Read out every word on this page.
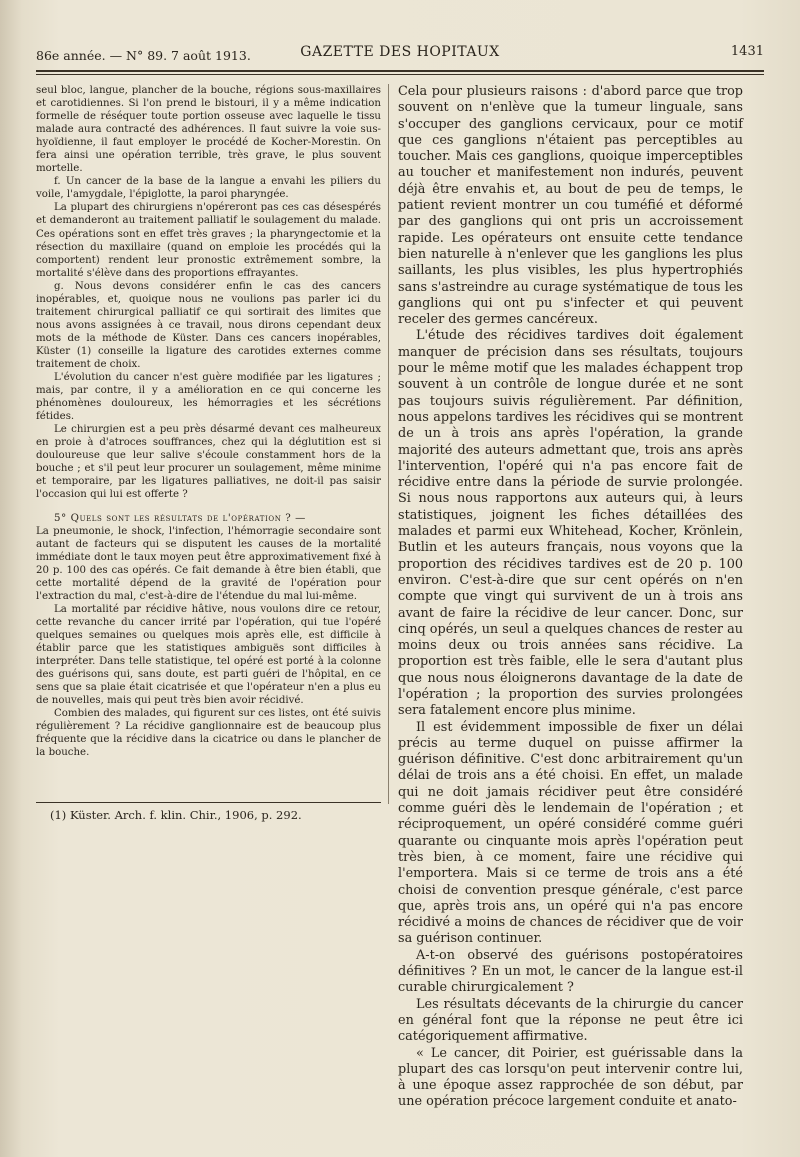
86e année. — N° 89. 7 août 1913.	GAZETTE DES HOPITAUX	1431

seul bloc, langue, plancher de la bouche, régions sous-maxillaires et carotidiennes. Si l'on prend le bistouri, il y a même indication formelle de réséquer toute portion osseuse avec laquelle le tissu malade aura contracté des adhérences. Il faut suivre la voie sus-hyoïdienne, il faut employer le procédé de Kocher-Morestin. On fera ainsi une opération terrible, très grave, le plus souvent mortelle.

f. Un cancer de la base de la langue a envahi les piliers du voile, l'amygdale, l'épiglotte, la paroi pharyngée.

La plupart des chirurgiens n'opéreront pas ces cas désespérés et demanderont au traitement palliatif le soulagement du malade. Ces opérations sont en effet très graves ; la pharyngectomie et la résection du maxillaire (quand on emploie les procédés qui la comportent) rendent leur pronostic extrêmement sombre, la mortalité s'élève dans des proportions effrayantes.

g. Nous devons considérer enfin le cas des cancers inopérables, et, quoique nous ne voulions pas parler ici du traitement chirurgical palliatif ce qui sortirait des limites que nous avons assignées à ce travail, nous dirons cependant deux mots de la méthode de Küster. Dans ces cancers inopérables, Küster (1) conseille la ligature des carotides externes comme traitement de choix.

L'évolution du cancer n'est guère modifiée par les ligatures ; mais, par contre, il y a amélioration en ce qui concerne les phénomènes douloureux, les hémorragies et les sécrétions fétides.

Le chirurgien est a peu près désarmé devant ces malheureux en proie à d'atroces souffrances, chez qui la déglutition est si douloureuse que leur salive s'écoule constamment hors de la bouche ; et s'il peut leur procurer un soulagement, même minime et temporaire, par les ligatures palliatives, ne doit-il pas saisir l'occasion qui lui est offerte ?

5° Quels sont les résultats de l'opération ? —

La pneumonie, le shock, l'infection, l'hémorragie secondaire sont autant de facteurs qui se disputent les causes de la mortalité immédiate dont le taux moyen peut être approximativement fixé à 20 p. 100 des cas opérés. Ce fait demande à être bien établi, que cette mortalité dépend de la gravité de l'opération pour l'extraction du mal, c'est-à-dire de l'étendue du mal lui-même.

La mortalité par récidive hâtive, nous voulons dire ce retour, cette revanche du cancer irrité par l'opération, qui tue l'opéré quelques semaines ou quelques mois après elle, est difficile à établir parce que les statistiques ambiguës sont difficiles à interpréter. Dans telle statistique, tel opéré est porté à la colonne des guérisons qui, sans doute, est parti guéri de l'hôpital, en ce sens que sa plaie était cicatrisée et que l'opérateur n'en a plus eu de nouvelles, mais qui peut très bien avoir récidivé.

Combien des malades, qui figurent sur ces listes, ont été suivis régulièrement ? La récidive ganglionnaire est de beaucoup plus fréquente que la récidive dans la cicatrice ou dans le plancher de la bouche.

Cela pour plusieurs raisons : d'abord parce que trop souvent on n'enlève que la tumeur linguale, sans s'occuper des ganglions cervicaux, pour ce motif que ces ganglions n'étaient pas perceptibles au toucher. Mais ces ganglions, quoique imperceptibles au toucher et manifestement non indurés, peuvent déjà être envahis et, au bout de peu de temps, le patient revient montrer un cou tuméfié et déformé par des ganglions qui ont pris un accroissement rapide. Les opérateurs ont ensuite cette tendance bien naturelle à n'enlever que les ganglions les plus saillants, les plus visibles, les plus hypertrophiés sans s'astreindre au curage systématique de tous les ganglions qui ont pu s'infecter et qui peuvent receler des germes cancéreux.

L'étude des récidives tardives doit également manquer de précision dans ses résultats, toujours pour le même motif que les malades échappent trop souvent à un contrôle de longue durée et ne sont pas toujours suivis régulièrement. Par définition, nous appelons tardives les récidives qui se montrent de un à trois ans après l'opération, la grande majorité des auteurs admettant que, trois ans après l'intervention, l'opéré qui n'a pas encore fait de récidive entre dans la période de survie prolongée. Si nous nous rapportons aux auteurs qui, à leurs statistiques, joignent les fiches détaillées des malades et parmi eux Whitehead, Kocher, Krönlein, Butlin et les auteurs français, nous voyons que la proportion des récidives tardives est de 20 p. 100 environ. C'est-à-dire que sur cent opérés on n'en compte que vingt qui survivent de un à trois ans avant de faire la récidive de leur cancer. Donc, sur cinq opérés, un seul a quelques chances de rester au moins deux ou trois années sans récidive. La proportion est très faible, elle le sera d'autant plus que nous nous éloignerons davantage de la date de l'opération ; la proportion des survies prolongées sera fatalement encore plus minime.

Il est évidemment impossible de fixer un délai précis au terme duquel on puisse affirmer la guérison définitive. C'est donc arbitrairement qu'un délai de trois ans a été choisi. En effet, un malade qui ne doit jamais récidiver peut être considéré comme guéri dès le lendemain de l'opération ; et réciproquement, un opéré considéré comme guéri quarante ou cinquante mois après l'opération peut très bien, à ce moment, faire une récidive qui l'emportera. Mais si ce terme de trois ans a été choisi de convention presque générale, c'est parce que, après trois ans, un opéré qui n'a pas encore récidivé a moins de chances de récidiver que de voir sa guérison continuer.

A-t-on observé des guérisons postopératoires définitives ? En un mot, le cancer de la langue est-il curable chirurgicalement ?

Les résultats décevants de la chirurgie du cancer en général font que la réponse ne peut être ici catégoriquement affirmative.

« Le cancer, dit Poirier, est guérissable dans la plupart des cas lorsqu'on peut intervenir contre lui, à une époque assez rapprochée de son début, par une opération précoce largement conduite et anato-

(1) Küster. Arch. f. klin. Chir., 1906, p. 292.
